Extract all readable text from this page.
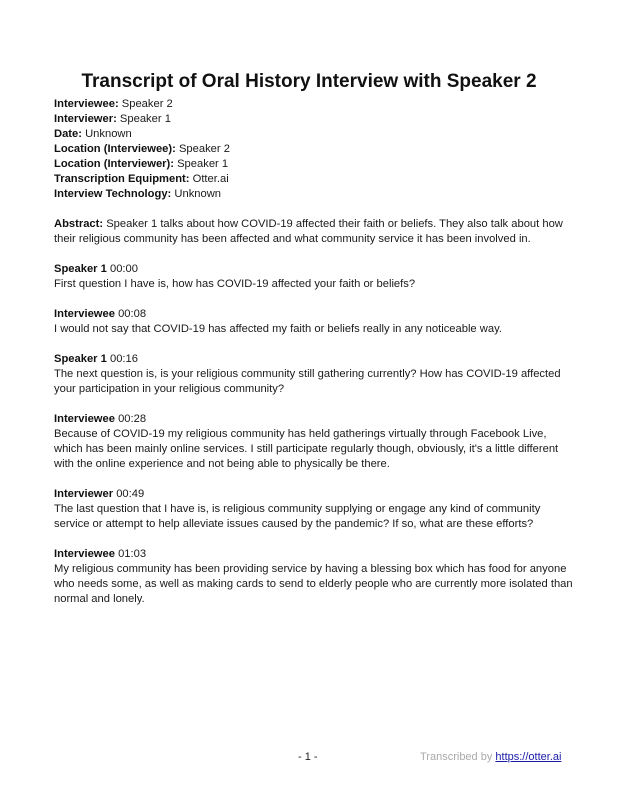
Transcript of Oral History Interview with Speaker 2
Interviewee: Speaker 2
Interviewer: Speaker 1
Date: Unknown
Location (Interviewee): Speaker 2
Location (Interviewer): Speaker 1
Transcription Equipment: Otter.ai
Interview Technology: Unknown
Abstract: Speaker 1 talks about how COVID-19 affected their faith or beliefs. They also talk about how their religious community has been affected and what community service it has been involved in.
Speaker 1 00:00
First question I have is, how has COVID-19 affected your faith or beliefs?
Interviewee 00:08
I would not say that COVID-19 has affected my faith or beliefs really in any noticeable way.
Speaker 1 00:16
The next question is, is your religious community still gathering currently? How has COVID-19 affected your participation in your religious community?
Interviewee 00:28
Because of COVID-19 my religious community has held gatherings virtually through Facebook Live, which has been mainly online services. I still participate regularly though, obviously, it's a little different with the online experience and not being able to physically be there.
Interviewer 00:49
The last question that I have is, is religious community supplying or engage any kind of community service or attempt to help alleviate issues caused by the pandemic? If so, what are these efforts?
Interviewee 01:03
My religious community has been providing service by having a blessing box which has food for anyone who needs some, as well as making cards to send to elderly people who are currently more isolated than normal and lonely.
- 1 -	Transcribed by https://otter.ai
